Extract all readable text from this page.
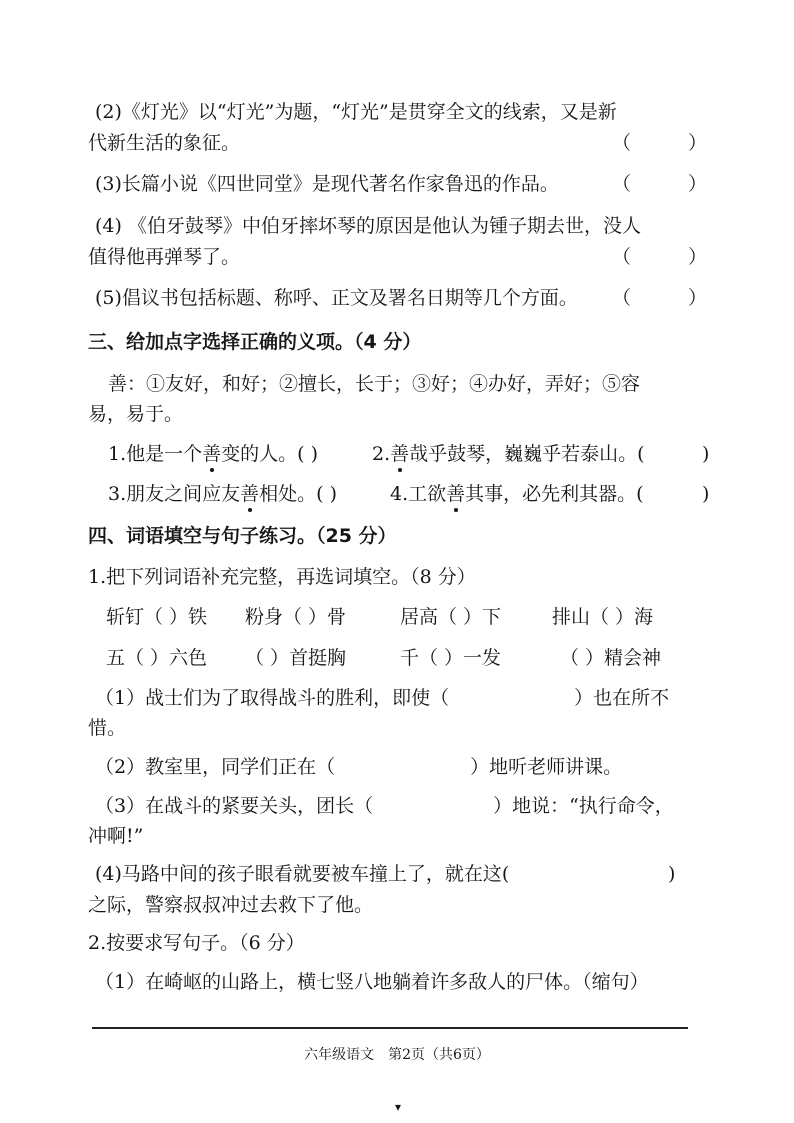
(2)《灯光》以“灯光”为题，“灯光”是贯穿全文的线索，又是新
代新生活的象征。	（	）
(3)长篇小说《四世同堂》是现代著名作家鲁迅的作品。	（	）
(4) 《伯牙鼓琴》中伯牙摔坏琴的原因是他认为锺子期去世，没人
值得他再弹琴了。	（	）
(5)倡议书包括标题、称呼、正文及署名日期等几个方面。 （	）
三、给加点字选择正确的义项。（4 分）
善：①友好，和好；②擅长，长于；③好；④办好，弄好；⑤容
易，易于。
1.他是一个善变的人。( )	2.善哉乎鼓琴，巍巍乎若泰山。(	)
3.朋友之间应友善相处。( )	4.工欲善其事，必先利其器。(	)
四、词语填空与句子练习。（25 分）
1.把下列词语补充完整，再选词填空。（8 分）
斩钉（ ）铁 粉身（ ）骨	居高（ ）下	排山（ ）海
五（ ）六色 （ ）首挺胸	千（ ）一发	（ ）精会神
（1）战士们为了取得战斗的胜利，即使（	）也在所不
惜。
（2）教室里，同学们正在（	）地听老师讲课。
（3）在战斗的紧要关头，团长（	）地说：“执行命令，
冲啊!”
(4)马路中间的孩子眼看就要被车撞上了，就在这(	)
之际，警察叔叔冲过去救下了他。
2.按要求写句子。（6 分）
（1）在崎岖的山路上，横七竖八地躺着许多敌人的尸体。（缩句）
六年级语文　第2页（共6页）
▾
